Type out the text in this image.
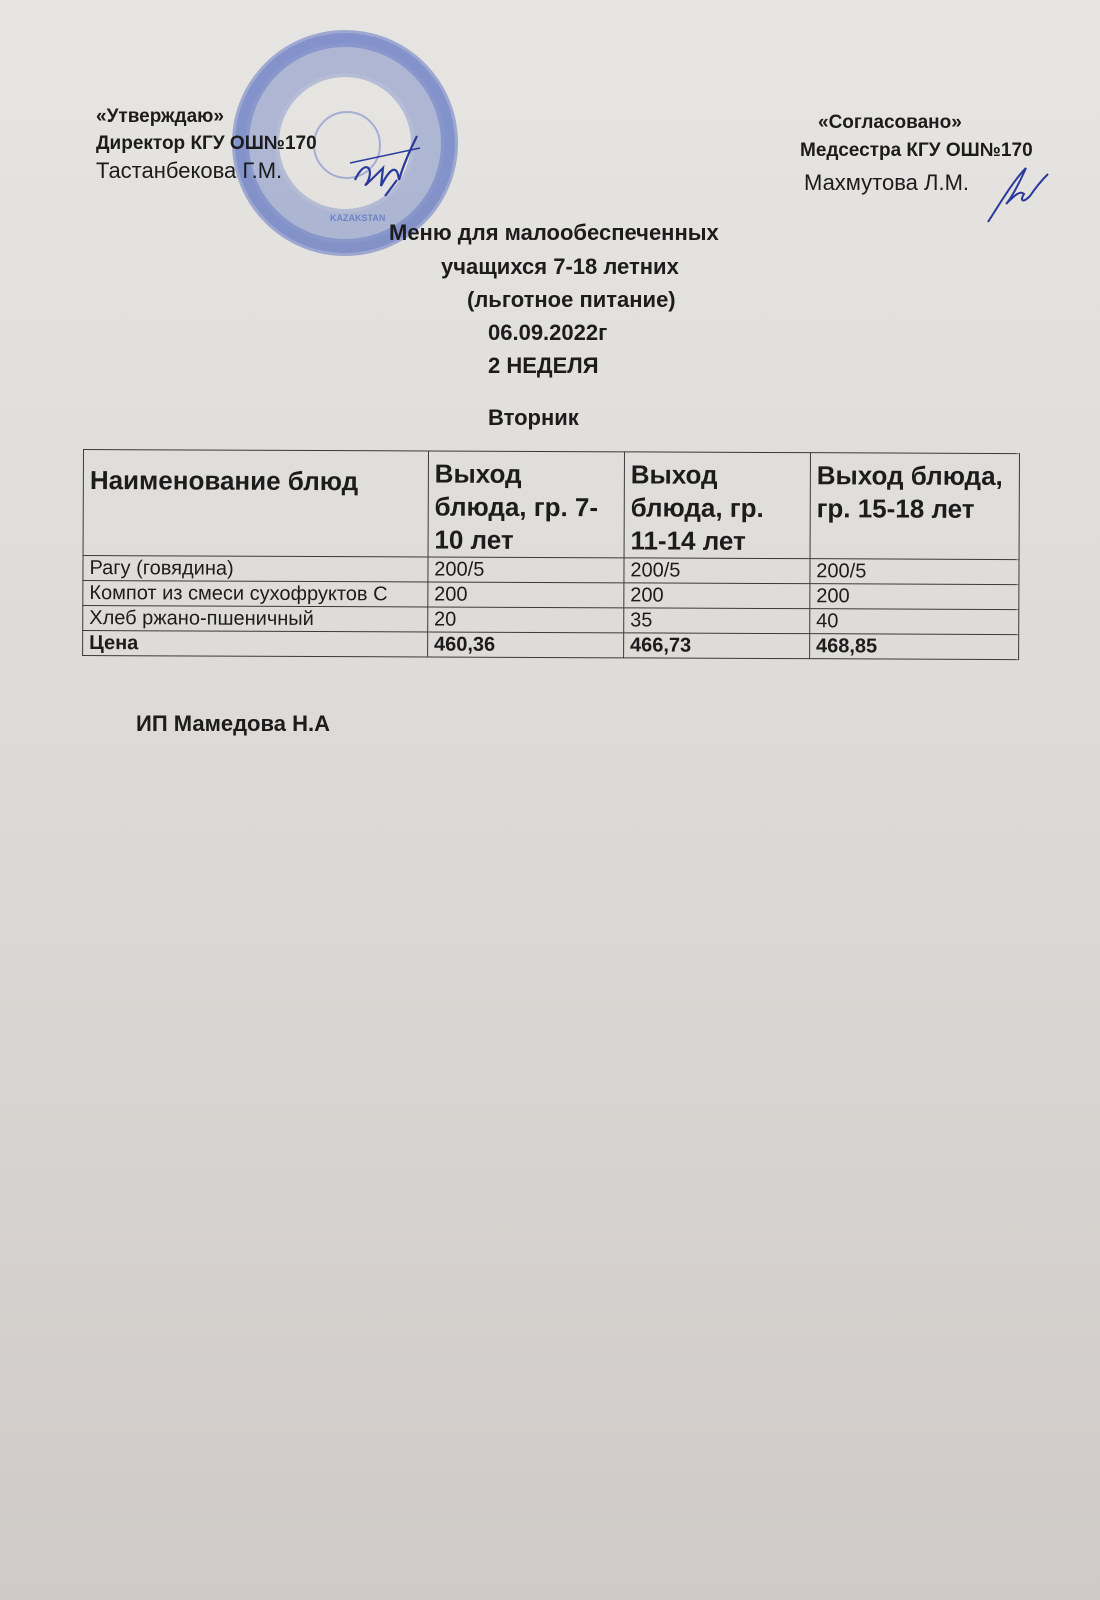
KAZAKSTAN
«Утверждаю»
Директор КГУ ОШ№170
Тастанбекова Г.М.
«Согласовано»
Медсестра КГУ ОШ№170
Махмутова Л.М.
Меню для малообеспеченных
учащихся 7-18 летних
(льготное питание)
06.09.2022г
2 НЕДЕЛЯ
Вторник
Наименование блюд	Выход блюда, гр. 7-10 лет	Выход блюда, гр. 11-14 лет	Выход блюда, гр. 15-18 лет
Рагу (говядина)	200/5	200/5	200/5
Компот из смеси сухофруктов С	200	200	200
Хлеб ржано-пшеничный	20	35	40
Цена	460,36	466,73	468,85
ИП Мамедова Н.А
